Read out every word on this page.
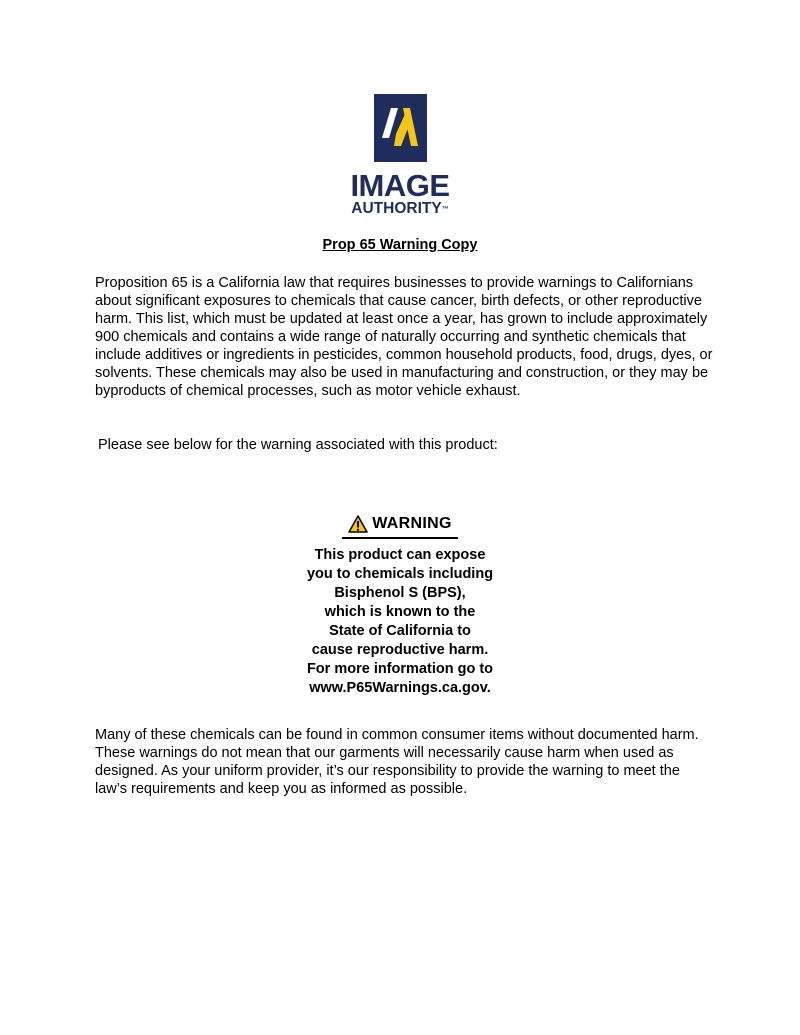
IMAGE
AUTHORITY™
Prop 65 Warning Copy

Proposition 65 is a California law that requires businesses to provide warnings to Californians about significant exposures to chemicals that cause cancer, birth defects, or other reproductive harm. This list, which must be updated at least once a year, has grown to include approximately 900 chemicals and contains a wide range of naturally occurring and synthetic chemicals that include additives or ingredients in pesticides, common household products, food, drugs, dyes, or solvents. These chemicals may also be used in manufacturing and construction, or they may be byproducts of chemical processes, such as motor vehicle exhaust.

Please see below for the warning associated with this product:

WARNING
This product can expose
you to chemicals including
Bisphenol S (BPS),
which is known to the
State of California to
cause reproductive harm.
For more information go to
www.P65Warnings.ca.gov.

Many of these chemicals can be found in common consumer items without documented harm. These warnings do not mean that our garments will necessarily cause harm when used as designed. As your uniform provider, it’s our responsibility to provide the warning to meet the law’s requirements and keep you as informed as possible.
